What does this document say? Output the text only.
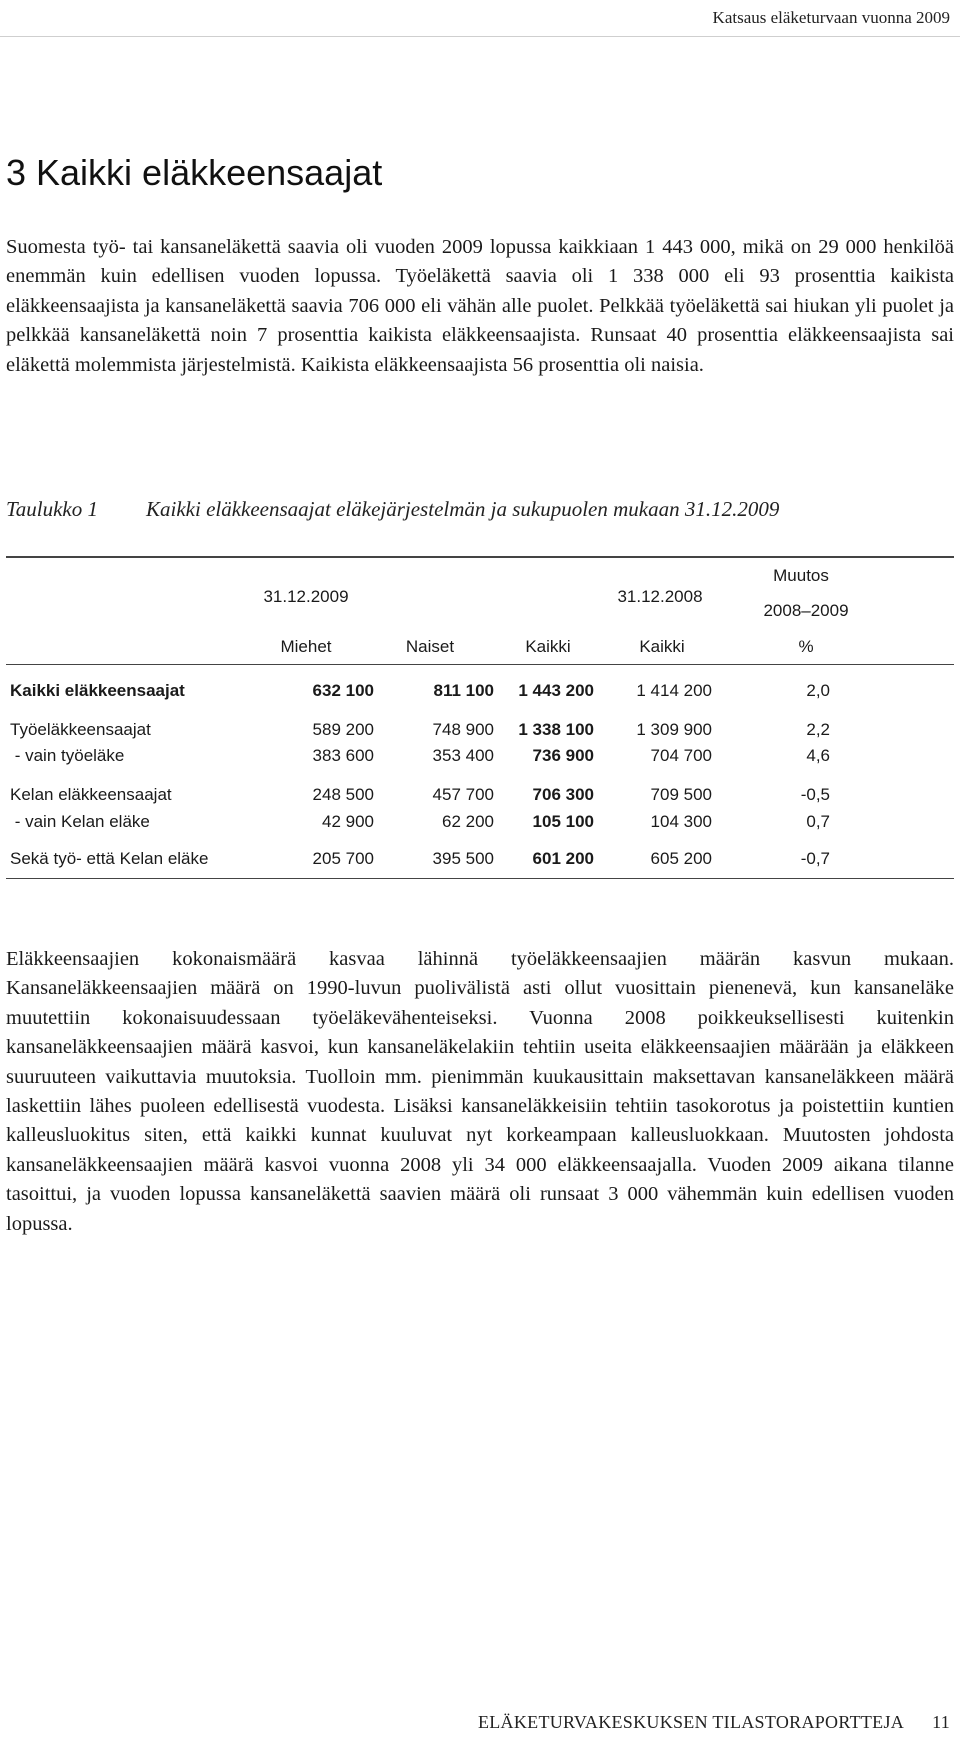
Katsaus eläketurvaan vuonna 2009
3 Kaikki eläkkeensaajat

Suomesta työ- tai kansaneläkettä saavia oli vuoden 2009 lopussa kaikkiaan 1 443 000, mikä on 29 000 henkilöä enemmän kuin edellisen vuoden lopussa. Työeläkettä saavia oli 1 338 000 eli 93 prosenttia kaikista eläkkeensaajista ja kansaneläkettä saavia 706 000 eli vähän alle puolet. Pelkkää työeläkettä sai hiukan yli puolet ja pelkkää kansaneläkettä noin 7 prosenttia kaikista eläkkeensaajista. Runsaat 40 prosenttia eläkkeensaajista sai eläkettä molemmista järjestelmistä. Kaikista eläkkeensaajista 56 prosenttia oli naisia.

Taulukko 1 Kaikki eläkkeensaajat eläkejärjestelmän ja sukupuolen mukaan 31.12.2009
31.12.2009	31.12.2008
Muutos
2008–2009
Miehet	Naiset	Kaikki	Kaikki	%
Kaikki eläkkeensaajat	632 100	811 100	1 443 200	1 414 200	2,0
Työeläkkeensaajat	589 200	748 900	1 338 100	1 309 900	2,2
- vain työeläke	383 600	353 400	736 900	704 700	4,6
Kelan eläkkeensaajat	248 500	457 700	706 300	709 500	-0,5
- vain Kelan eläke	42 900	62 200	105 100	104 300	0,7
Sekä työ- että Kelan eläke	205 700	395 500	601 200	605 200	-0,7

Eläkkeensaajien kokonaismäärä kasvaa lähinnä työeläkkeensaajien määrän kasvun mukaan. Kansaneläkkeensaajien määrä on 1990-luvun puolivälistä asti ollut vuosittain pienenevä, kun kansaneläke muutettiin kokonaisuudessaan työeläkevähenteiseksi. Vuonna 2008 poikkeuksellisesti kuitenkin kansaneläkkeensaajien määrä kasvoi, kun kansaneläkelakiin tehtiin useita eläkkeensaajien määrään ja eläkkeen suuruuteen vaikuttavia muutoksia. Tuolloin mm. pienimmän kuukausittain maksettavan kansaneläkkeen määrä laskettiin lähes puoleen edellisestä vuodesta. Lisäksi kansaneläkkeisiin tehtiin tasokorotus ja poistettiin kuntien kalleusluokitus siten, että kaikki kunnat kuuluvat nyt korkeampaan kalleusluokkaan. Muutosten johdosta kansaneläkkeensaajien määrä kasvoi vuonna 2008 yli 34 000 eläkkeensaajalla. Vuoden 2009 aikana tilanne tasoittui, ja vuoden lopussa kansaneläkettä saavien määrä oli runsaat 3 000 vähemmän kuin edellisen vuoden lopussa.

ELÄKETURVAKESKUKSEN TILASTORAPORTTEJA 11
